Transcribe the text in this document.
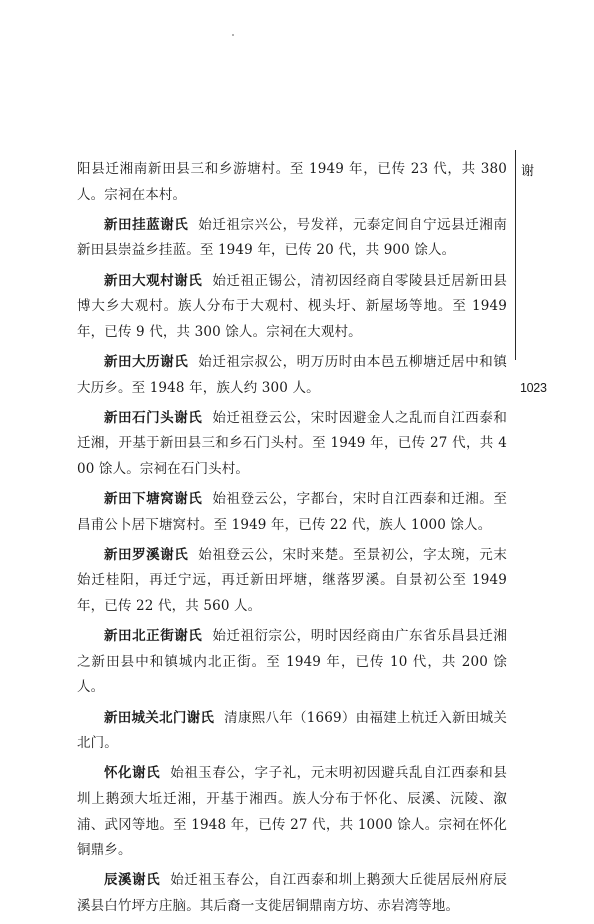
谢
1023

阳县迁湘南新田县三和乡游塘村。至 1949 年，已传 23 代，共 380 人。宗祠在本村。

新田挂蓝谢氏 始迁祖宗兴公，号发祥，元泰定间自宁远县迁湘南新田县崇益乡挂蓝。至 1949 年，已传 20 代，共 900 馀人。

新田大观村谢氏 始迁祖正锡公，清初因经商自零陵县迁居新田县博大乡大观村。族人分布于大观村、枧头圩、新屋场等地。至 1949 年，已传 9 代，共 300 馀人。宗祠在大观村。

新田大历谢氏 始迁祖宗叔公，明万历时由本邑五柳塘迁居中和镇大历乡。至 1948 年，族人约 300 人。

新田石门头谢氏 始迁祖登云公，宋时因避金人之乱而自江西泰和迁湘，开基于新田县三和乡石门头村。至 1949 年，已传 27 代，共 400 馀人。宗祠在石门头村。

新田下塘窝谢氏 始祖登云公，字都台，宋时自江西泰和迁湘。至昌甫公卜居下塘窝村。至 1949 年，已传 22 代，族人 1000 馀人。

新田罗溪谢氏 始祖登云公，宋时来楚。至景初公，字太琬，元末始迁桂阳，再迁宁远，再迁新田坪塘，继落罗溪。自景初公至 1949 年，已传 22 代，共 560 人。

新田北正街谢氏 始迁祖衍宗公，明时因经商由广东省乐昌县迁湘之新田县中和镇城内北正街。至 1949 年，已传 10 代，共 200 馀人。

新田城关北门谢氏 清康熙八年（1669）由福建上杭迁入新田城关北门。

怀化谢氏 始祖玉春公，字子礼，元末明初因避兵乱自江西泰和县圳上鹅颈大坵迁湘，开基于湘西。族人分布于怀化、辰溪、沅陵、溆浦、武冈等地。至 1948 年，已传 27 代，共 1000 馀人。宗祠在怀化铜鼎乡。

辰溪谢氏 始迁祖玉春公，自江西泰和圳上鹅颈大丘徙居辰州府辰溪县白竹坪方庄脑。其后裔一支徙居铜鼎南方坊、赤岩湾等地。
